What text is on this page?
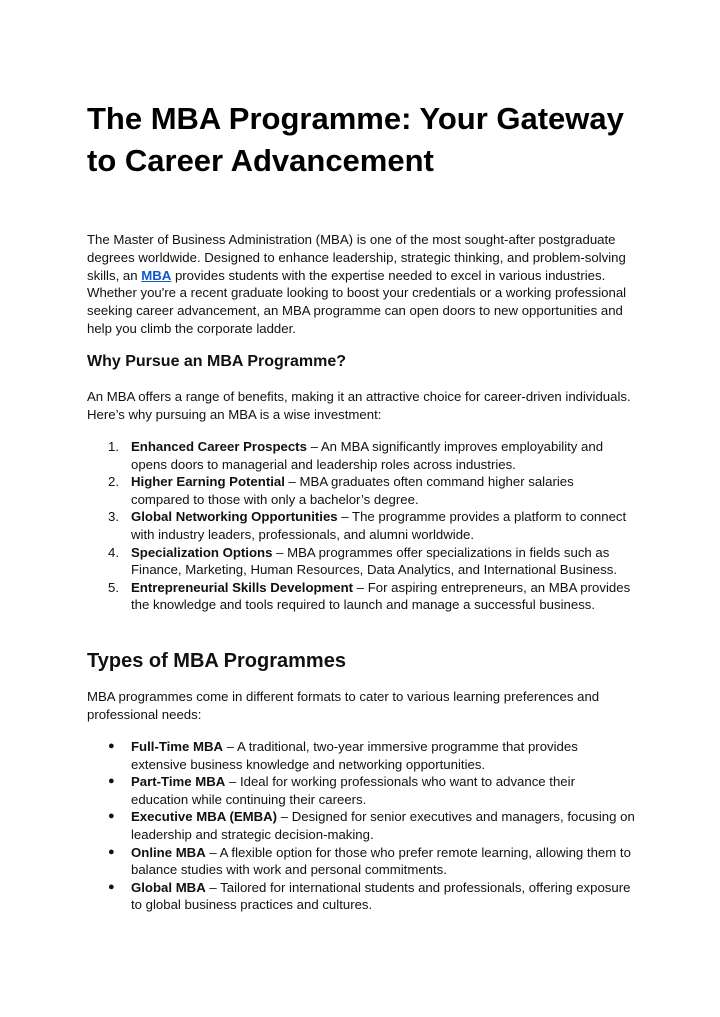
The MBA Programme: Your Gateway to Career Advancement

The Master of Business Administration (MBA) is one of the most sought-after postgraduate degrees worldwide. Designed to enhance leadership, strategic thinking, and problem-solving skills, an MBA provides students with the expertise needed to excel in various industries. Whether you're a recent graduate looking to boost your credentials or a working professional seeking career advancement, an MBA programme can open doors to new opportunities and help you climb the corporate ladder.

Why Pursue an MBA Programme?

An MBA offers a range of benefits, making it an attractive choice for career-driven individuals. Here’s why pursuing an MBA is a wise investment:

1. Enhanced Career Prospects – An MBA significantly improves employability and opens doors to managerial and leadership roles across industries.
2. Higher Earning Potential – MBA graduates often command higher salaries compared to those with only a bachelor’s degree.
3. Global Networking Opportunities – The programme provides a platform to connect with industry leaders, professionals, and alumni worldwide.
4. Specialization Options – MBA programmes offer specializations in fields such as Finance, Marketing, Human Resources, Data Analytics, and International Business.
5. Entrepreneurial Skills Development – For aspiring entrepreneurs, an MBA provides the knowledge and tools required to launch and manage a successful business.
Types of MBA Programmes

MBA programmes come in different formats to cater to various learning preferences and professional needs:

● Full-Time MBA – A traditional, two-year immersive programme that provides extensive business knowledge and networking opportunities.
● Part-Time MBA – Ideal for working professionals who want to advance their education while continuing their careers.
● Executive MBA (EMBA) – Designed for senior executives and managers, focusing on leadership and strategic decision-making.
● Online MBA – A flexible option for those who prefer remote learning, allowing them to balance studies with work and personal commitments.
● Global MBA – Tailored for international students and professionals, offering exposure to global business practices and cultures.
